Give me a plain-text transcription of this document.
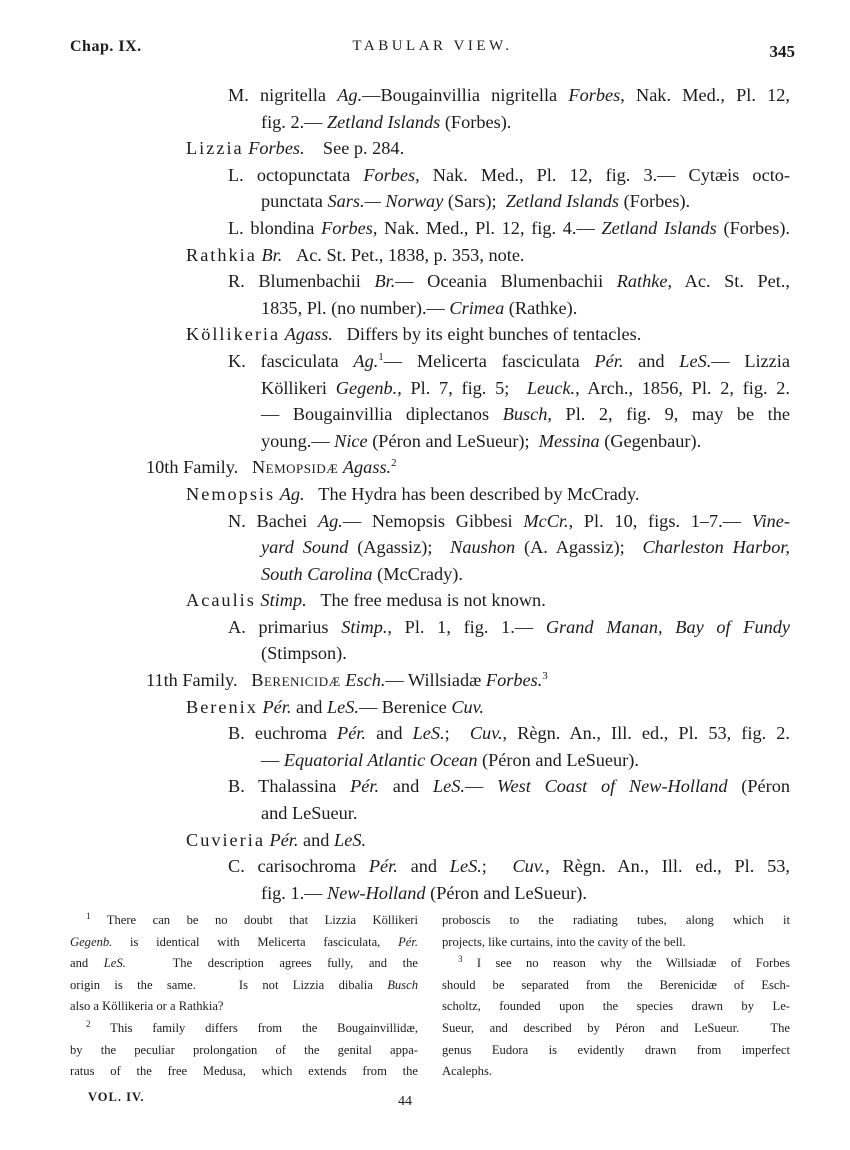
Chap. IX.	TABULAR VIEW.	345
M. nigritella Ag.—Bougainvillia nigritella Forbes, Nak. Med., Pl. 12,
fig. 2.— Zetland Islands (Forbes).
Lizzia Forbes.    See p. 284.
L. octopunctata Forbes, Nak. Med., Pl. 12, fig. 3.— Cytæis octo-
punctata Sars.— Norway (Sars);  Zetland Islands (Forbes).
L. blondina Forbes, Nak. Med., Pl. 12, fig. 4.— Zetland Islands (Forbes).
Rathkia Br.   Ac. St. Pet., 1838, p. 353, note.
R. Blumenbachii Br.— Oceania Blumenbachii Rathke, Ac. St. Pet.,
1835, Pl. (no number).— Crimea (Rathke).
Köllikeria Agass.   Differs by its eight bunches of tentacles.
K. fasciculata Ag.$^1$— Melicerta fasciculata Pér. and LeS.— Lizzia
Köllikeri Gegenb., Pl. 7, fig. 5;  Leuck., Arch., 1856, Pl. 2, fig. 2.
— Bougainvillia diplectanos Busch, Pl. 2, fig. 9, may be the
young.— Nice (Péron and LeSueur);  Messina (Gegenbaur).
10th Family.   Nemopsidæ Agass.$^2$
Nemopsis Ag.   The Hydra has been described by McCrady.
N. Bachei Ag.— Nemopsis Gibbesi McCr., Pl. 10, figs. 1–7.— Vine-
yard Sound (Agassiz);  Naushon (A. Agassiz);  Charleston Harbor,
South Carolina (McCrady).
Acaulis Stimp.   The free medusa is not known.
A. primarius Stimp., Pl. 1, fig. 1.— Grand Manan, Bay of Fundy
(Stimpson).
11th Family.   Berenicidæ Esch.— Willsiadæ Forbes.$^3$
Berenix Pér. and LeS.— Berenice Cuv.
B. euchroma Pér. and LeS.;  Cuv., Règn. An., Ill. ed., Pl. 53, fig. 2.
— Equatorial Atlantic Ocean (Péron and LeSueur).
B. Thalassina Pér. and LeS.— West Coast of New-Holland (Péron
and LeSueur.
Cuvieria Pér. and LeS.
C. carisochroma Pér. and LeS.;  Cuv., Règn. An., Ill. ed., Pl. 53,
fig. 1.— New-Holland (Péron and LeSueur).
$^1$ There can be no doubt that Lizzia Köllikeri
Gegenb. is identical with Melicerta fasciculata, Pér.
and LeS.   The description agrees fully, and the
origin is the same.   Is not Lizzia dibalia Busch
also a Köllikeria or a Rathkia?
$^2$ This family differs from the Bougainvillidæ,
by the peculiar prolongation of the genital appa-
ratus of the free Medusa, which extends from the
proboscis to the radiating tubes, along which it
projects, like curtains, into the cavity of the bell.
$^3$ I see no reason why the Willsiadæ of Forbes
should be separated from the Berenicidæ of Esch-
scholtz, founded upon the species drawn by Le-
Sueur, and described by Péron and LeSueur.  The
genus Eudora is evidently drawn from imperfect
Acalephs.
VOL. IV.	44
